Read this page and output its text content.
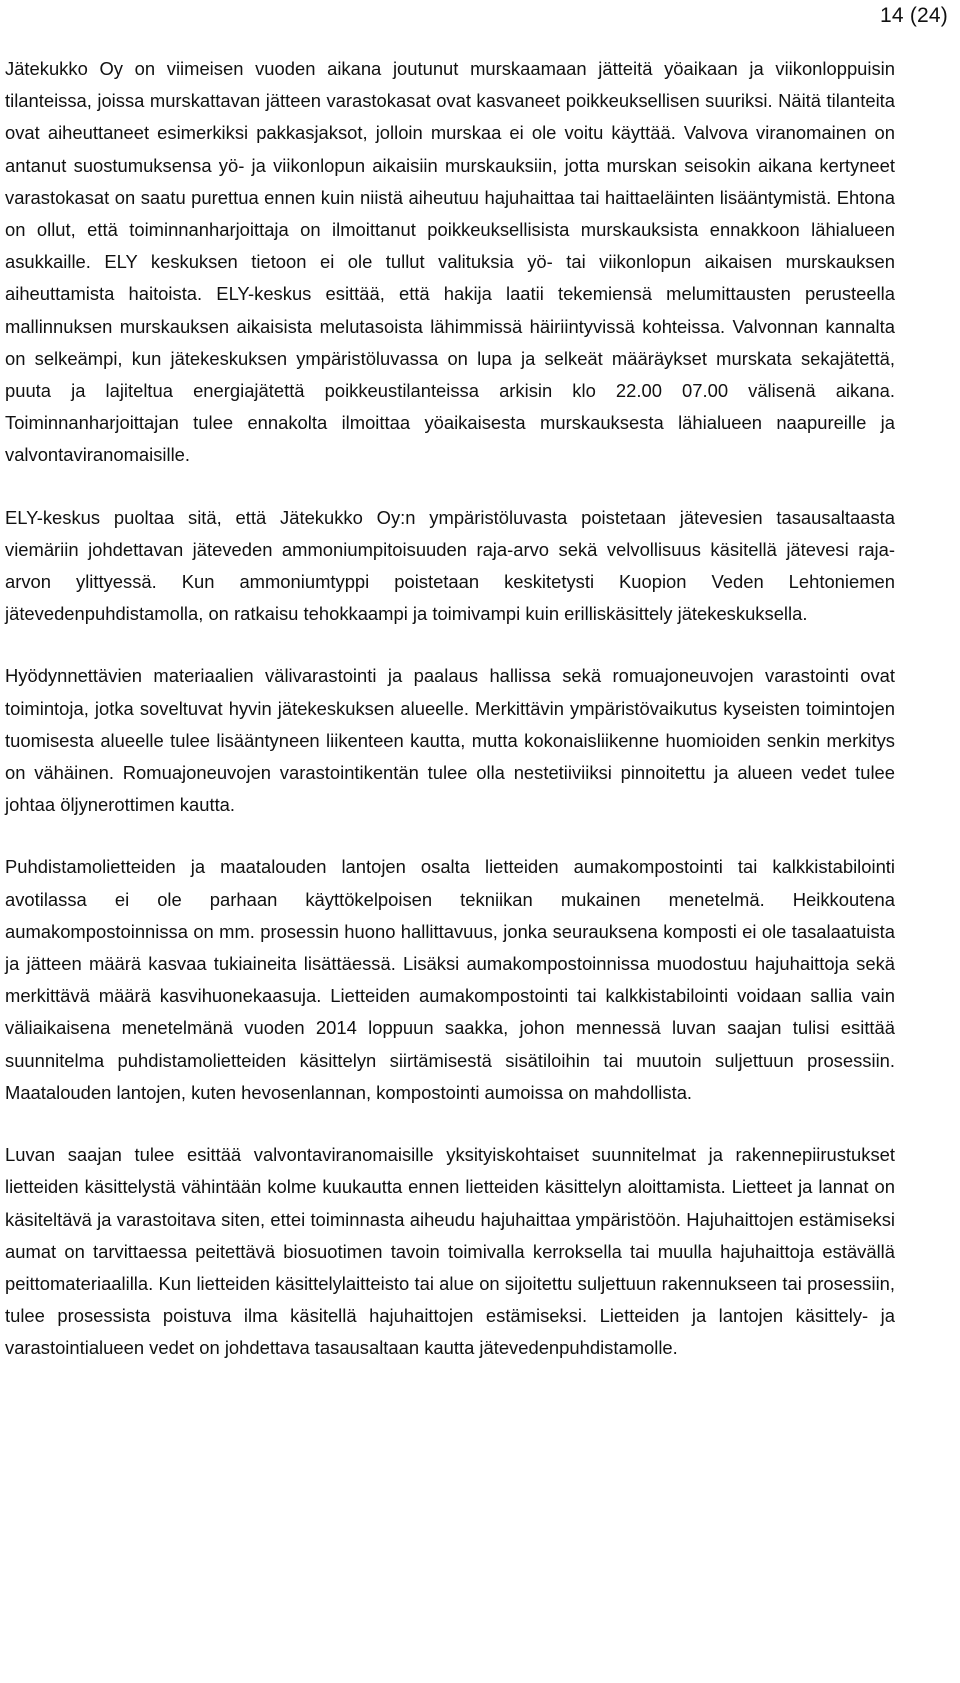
14 (24)

Jätekukko Oy on viimeisen vuoden aikana joutunut murskaamaan jätteitä yöaikaan ja viikonloppuisin tilanteissa, joissa murskattavan jätteen varastokasat ovat kasvaneet poikkeuksellisen suuriksi. Näitä tilanteita ovat aiheuttaneet esimerkiksi pakkasjaksot, jolloin murskaa ei ole voitu käyttää. Valvova viranomainen on antanut suostumuksensa yö- ja viikonlopun aikaisiin murskauksiin, jotta murskan seisokin aikana kertyneet varastokasat on saatu purettua ennen kuin niistä aiheutuu hajuhaittaa tai haittaeläinten lisääntymistä. Ehtona on ollut, että toiminnanharjoittaja on ilmoittanut poikkeuksellisista murskauksista ennakkoon lähialueen asukkaille. ELY keskuksen tietoon ei ole tullut valituksia yö- tai viikonlopun aikaisen murskauksen aiheuttamista haitoista. ELY-keskus esittää, että hakija laatii tekemiensä melumittausten perusteella mallinnuksen murskauksen aikaisista melutasoista lähimmissä häiriintyvissä kohteissa. Valvonnan kannalta on selkeämpi, kun jätekeskuksen ympäristöluvassa on lupa ja selkeät määräykset murskata sekajätettä, puuta ja lajiteltua energiajätettä poikkeustilanteissa arkisin klo 22.00 07.00 välisenä aikana. Toiminnanharjoittajan tulee ennakolta ilmoittaa yöaikaisesta murskauksesta lähialueen naapureille ja valvontaviranomaisille.

ELY-keskus puoltaa sitä, että Jätekukko Oy:n ympäristöluvasta poistetaan jätevesien tasausaltaasta viemäriin johdettavan jäteveden ammoniumpitoisuuden raja-arvo sekä velvollisuus käsitellä jätevesi raja-arvon ylittyessä. Kun ammoniumtyppi poistetaan keskitetysti Kuopion Veden Lehtoniemen jätevedenpuhdistamolla, on ratkaisu tehokkaampi ja toimivampi kuin erilliskäsittely jätekeskuksella.

Hyödynnettävien materiaalien välivarastointi ja paalaus hallissa sekä romuajoneuvojen varastointi ovat toimintoja, jotka soveltuvat hyvin jätekeskuksen alueelle. Merkittävin ympäristövaikutus kyseisten toimintojen tuomisesta alueelle tulee lisääntyneen liikenteen kautta, mutta kokonaisliikenne huomioiden senkin merkitys on vähäinen. Romuajoneuvojen varastointikentän tulee olla nestetiiviiksi pinnoitettu ja alueen vedet tulee johtaa öljynerottimen kautta.

Puhdistamolietteiden ja maatalouden lantojen osalta lietteiden aumakompostointi tai kalkkistabilointi avotilassa ei ole parhaan käyttökelpoisen tekniikan mukainen menetelmä. Heikkoutena aumakompostoinnissa on mm. prosessin huono hallittavuus, jonka seurauksena komposti ei ole tasalaatuista ja jätteen määrä kasvaa tukiaineita lisättäessä. Lisäksi aumakompostoinnissa muodostuu hajuhaittoja sekä merkittävä määrä kasvihuonekaasuja. Lietteiden aumakompostointi tai kalkkistabilointi voidaan sallia vain väliaikaisena menetelmänä vuoden 2014 loppuun saakka, johon mennessä luvan saajan tulisi esittää suunnitelma puhdistamolietteiden käsittelyn siirtämisestä sisätiloihin tai muutoin suljettuun prosessiin. Maatalouden lantojen, kuten hevosenlannan, kompostointi aumoissa on mahdollista.

Luvan saajan tulee esittää valvontaviranomaisille yksityiskohtaiset suunnitelmat ja rakennepiirustukset lietteiden käsittelystä vähintään kolme kuukautta ennen lietteiden käsittelyn aloittamista. Lietteet ja lannat on käsiteltävä ja varastoitava siten, ettei toiminnasta aiheudu hajuhaittaa ympäristöön. Hajuhaittojen estämiseksi aumat on tarvittaessa peitettävä biosuotimen tavoin toimivalla kerroksella tai muulla hajuhaittoja estävällä peittomateriaalilla. Kun lietteiden käsittelylaitteisto tai alue on sijoitettu suljettuun rakennukseen tai prosessiin, tulee prosessista poistuva ilma käsitellä hajuhaittojen estämiseksi. Lietteiden ja lantojen käsittely- ja varastointialueen vedet on johdettava tasausaltaan kautta jätevedenpuhdistamolle.
